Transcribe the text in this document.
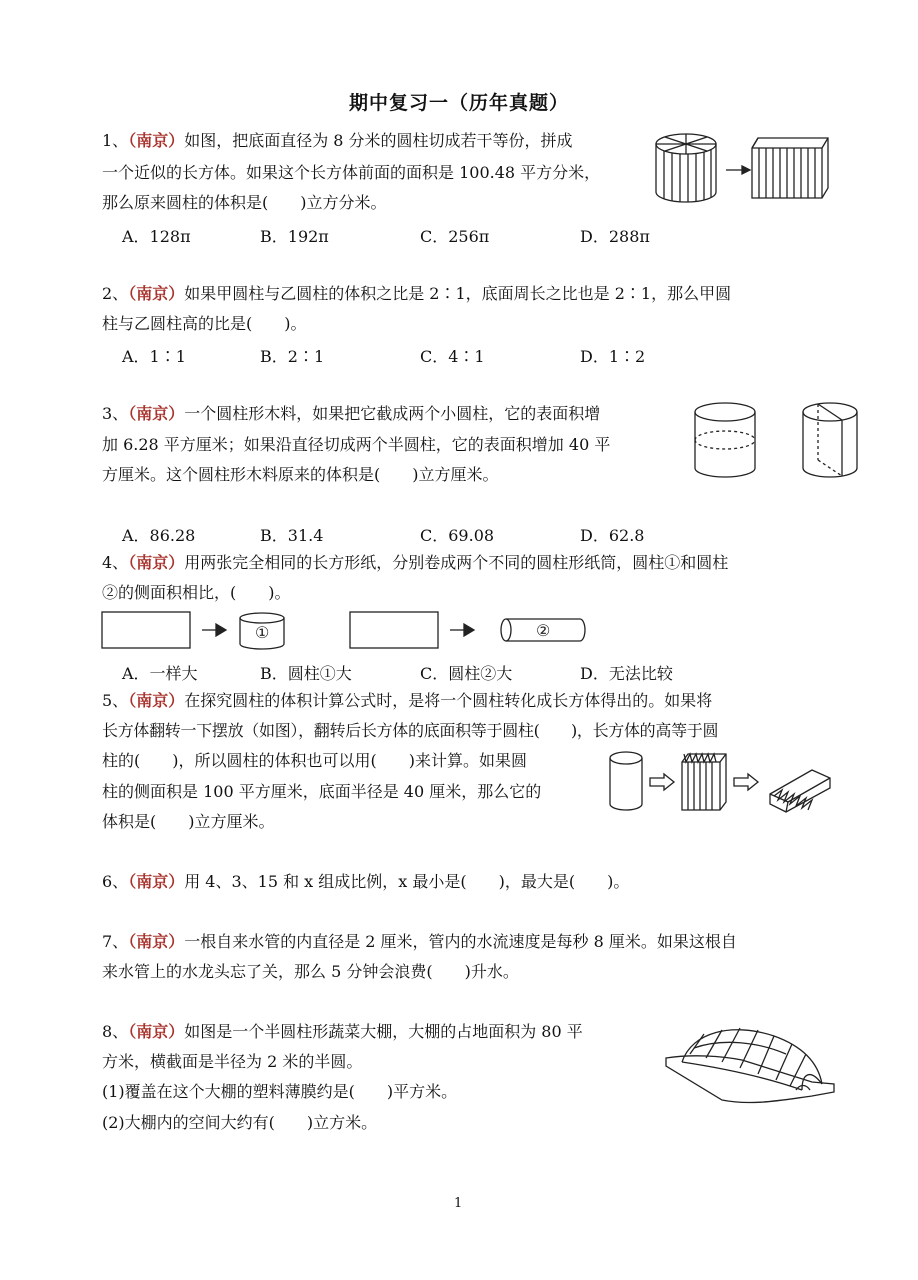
期中复习一（历年真题）
1、（南京）如图，把底面直径为 8 分米的圆柱切成若干等份，拼成
一个近似的长方体。如果这个长方体前面的面积是 100.48 平方分米，
那么原来圆柱的体积是(　　)立方分米。
A．128π	B．192π	C．256π	D．288π
2、（南京）如果甲圆柱与乙圆柱的体积之比是 2∶1，底面周长之比也是 2∶1，那么甲圆
柱与乙圆柱高的比是(　　)。
A．1∶1	B．2∶1	C．4∶1	D．1∶2
3、（南京）一个圆柱形木料，如果把它截成两个小圆柱，它的表面积增
加 6.28 平方厘米；如果沿直径切成两个半圆柱，它的表面积增加 40 平
方厘米。这个圆柱形木料原来的体积是(　　)立方厘米。
A．86.28	B．31.4	C．69.08	D．62.8
4、（南京）用两张完全相同的长方形纸，分别卷成两个不同的圆柱形纸筒，圆柱①和圆柱
②的侧面积相比，(　　)。
①	②
A．一样大	B．圆柱①大	C．圆柱②大	D．无法比较
5、（南京）在探究圆柱的体积计算公式时，是将一个圆柱转化成长方体得出的。如果将
长方体翻转一下摆放（如图），翻转后长方体的底面积等于圆柱(　　)，长方体的高等于圆
柱的(　　)，所以圆柱的体积也可以用(　　)来计算。如果圆
柱的侧面积是 100 平方厘米，底面半径是 40 厘米，那么它的
体积是(　　)立方厘米。
6、（南京）用 4、3、15 和 x 组成比例，x 最小是(　　)，最大是(　　)。
7、（南京）一根自来水管的内直径是 2 厘米，管内的水流速度是每秒 8 厘米。如果这根自
来水管上的水龙头忘了关，那么 5 分钟会浪费(　　)升水。
8、（南京）如图是一个半圆柱形蔬菜大棚，大棚的占地面积为 80 平
方米，横截面是半径为 2 米的半圆。
(1)覆盖在这个大棚的塑料薄膜约是(　　)平方米。
(2)大棚内的空间大约有(　　)立方米。
1
